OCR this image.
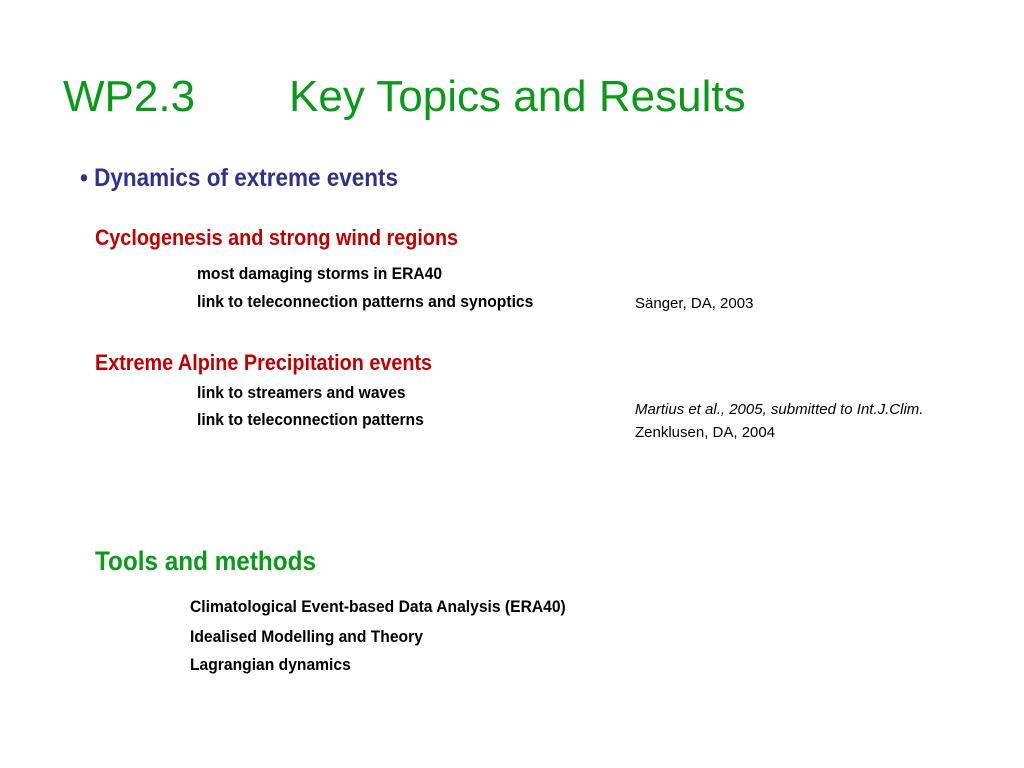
WP2.3 Key Topics and Results
• Dynamics of extreme events
Cyclogenesis and strong wind regions
most damaging storms in ERA40
link to teleconnection patterns and synoptics	Sänger, DA, 2003
Extreme Alpine Precipitation events
link to streamers and waves
link to teleconnection patterns
Martius et al., 2005, submitted to Int.J.Clim.
Zenklusen, DA, 2004
Tools and methods
Climatological Event-based Data Analysis (ERA40)
Idealised Modelling and Theory
Lagrangian dynamics
